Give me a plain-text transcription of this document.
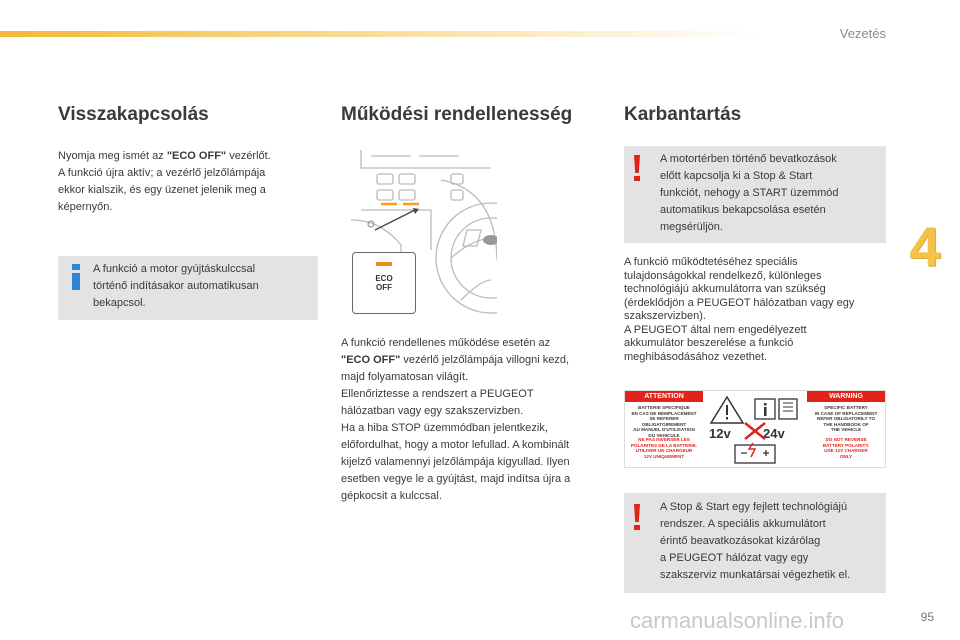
Vezetés
4
Visszakapcsolás
Nyomja meg ismét az "ECO OFF" vezérlőt.
A funkció újra aktív; a vezérlő jelzőlámpája
ekkor kialszik, és egy üzenet jelenik meg a
képernyőn.
A funkció a motor gyújtáskulccsal
történő indításakor automatikusan
bekapcsol.
Működési rendellenesség
ECO
OFF
A funkció rendellenes működése esetén az
"ECO OFF" vezérlő jelzőlámpája villogni kezd,
majd folyamatosan világít.
Ellenőriztesse a rendszert a PEUGEOT
hálózatban vagy egy szakszervizben.
Ha a hiba STOP üzemmódban jelentkezik,
előfordulhat, hogy a motor lefullad. A kombinált
kijelző valamennyi jelzőlámpája kigyullad. Ilyen
esetben vegye le a gyújtást, majd indítsa újra a
gépkocsit a kulccsal.
Karbantartás
A motortérben történő bevatkozások
előtt kapcsolja ki a Stop & Start
funkciót, nehogy a START üzemmód
automatikus bekapcsolása esetén
megsérüljön.
A funkció működtetéséhez speciális
tulajdonságokkal rendelkező, különleges
technológiájú akkumulátorra van szükség
(érdeklődjön a PEUGEOT hálózatban vagy egy
szakszervizben).
A PEUGEOT által nem engedélyezett
akkumulátor beszerelése a funkció
meghibásodásához vezethet.
ATTENTION	WARNING
BATTERIE SPECIFIQUE
EN CAS DE REMPLACEMENT
SE REFERER OBLIGATOIREMENT
AU MANUEL D'UTILISATION
DU VEHICULE
NE PAS INVERSER LES
POLARITES DE LA BATTERIE.
UTILISER UN CHARGEUR
12V UNIQUEMENT
SPECIFIC BATTERY
IN CASE OF REPLACEMENT
REFER OBLIGATORILY TO
THE HANDBOOK OF
THE VEHICLE
DO NOT REVERSE
BATTERY POLARITY.
USE 12V CHARGER
ONLY
12v 24v
A Stop & Start egy fejlett technológiájú
rendszer. A speciális akkumulátort
érintő beavatkozásokat kizárólag
a PEUGEOT hálózat vagy egy
szakszerviz munkatársai végezhetik el.
carmanualsonline.info	95
